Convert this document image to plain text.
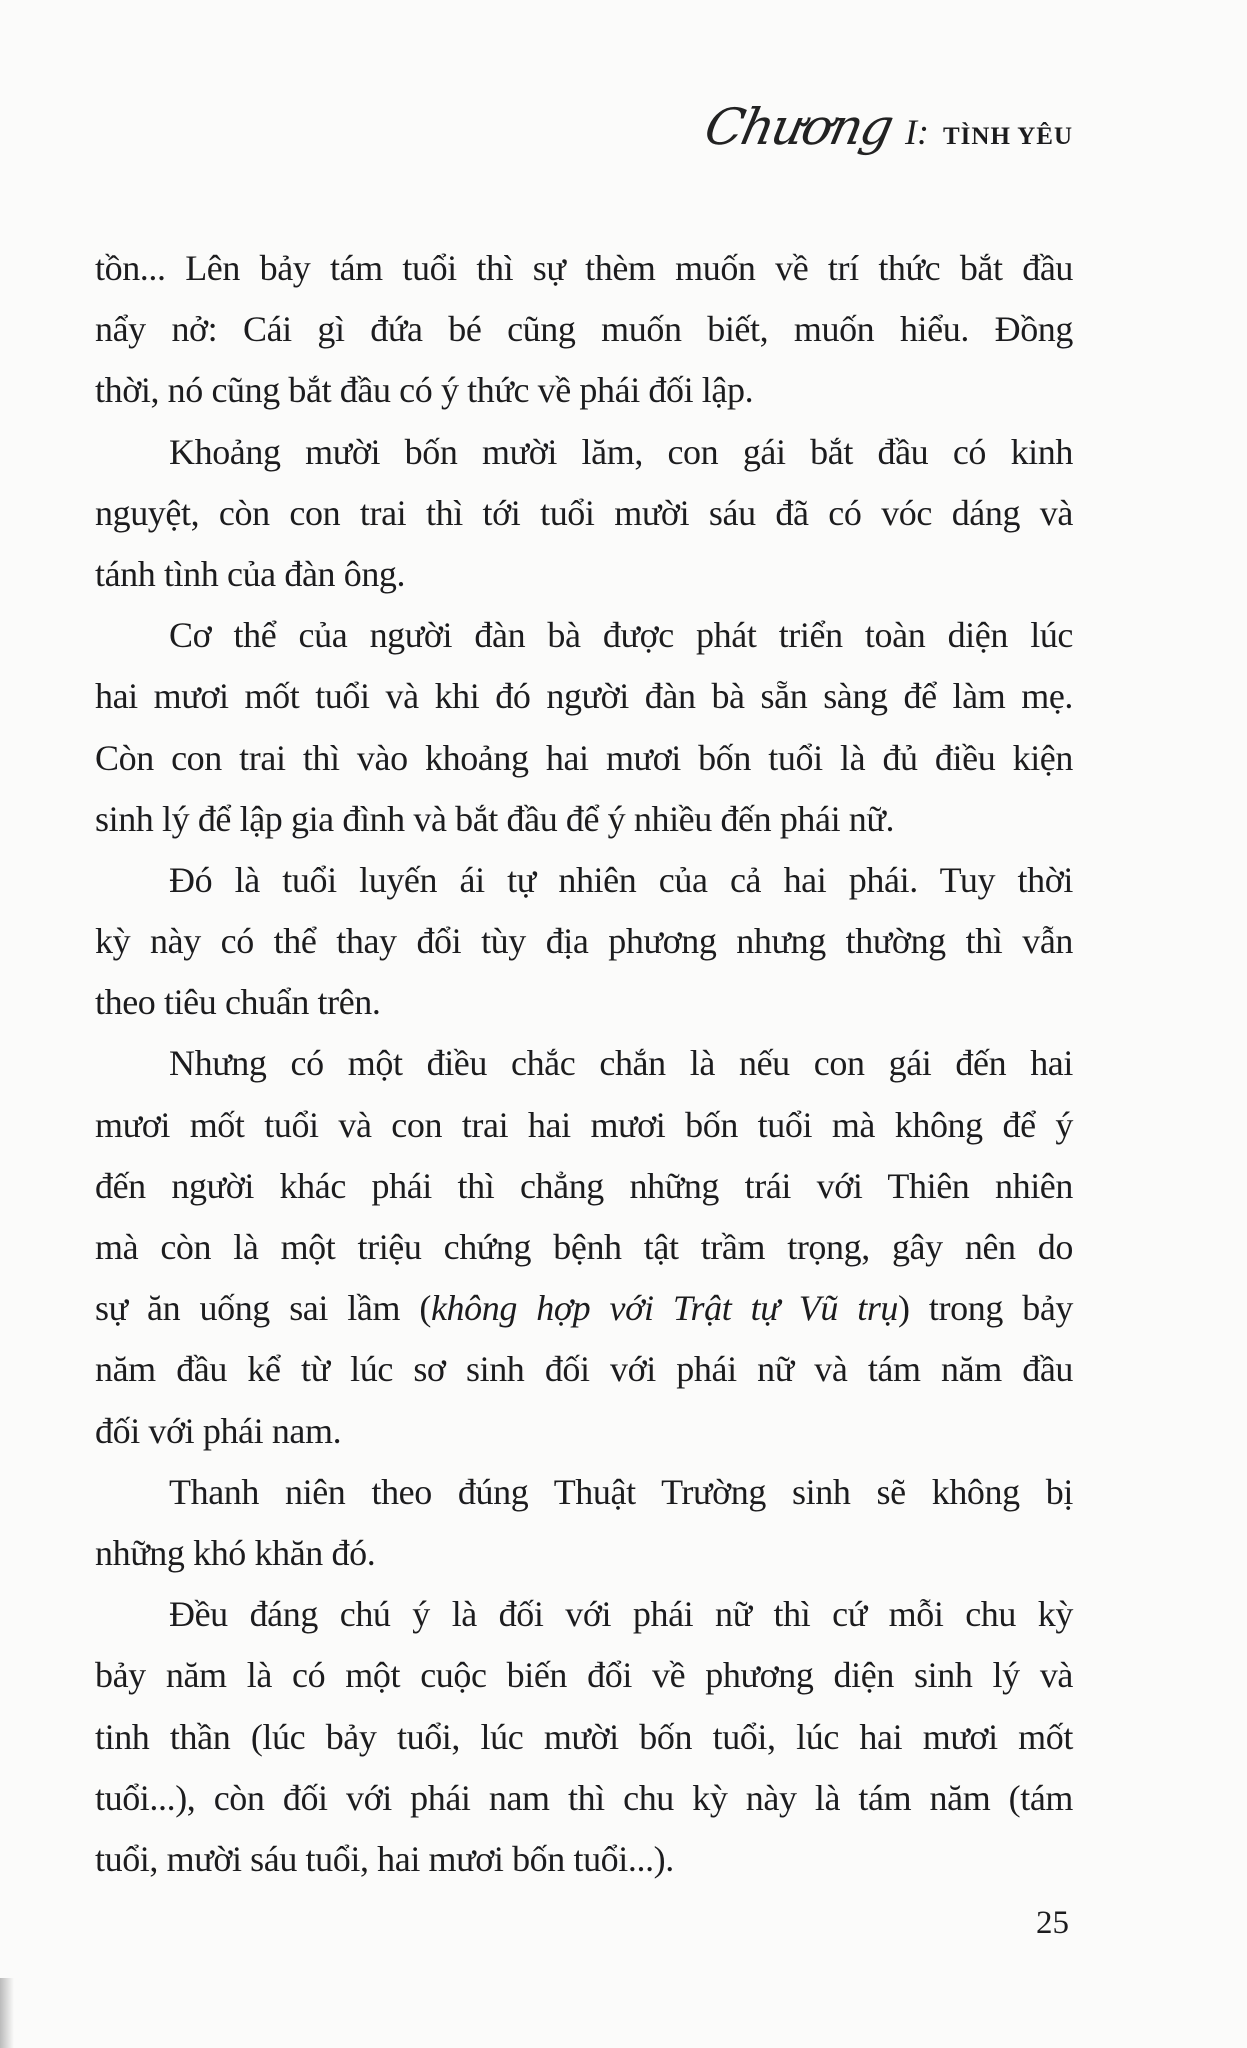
Chương I: TÌNH YÊU
tồn... Lên bảy tám tuổi thì sự thèm muốn về trí thức bắt đầu
nẩy nở: Cái gì đứa bé cũng muốn biết, muốn hiểu. Đồng
thời, nó cũng bắt đầu có ý thức về phái đối lập.
Khoảng mười bốn mười lăm, con gái bắt đầu có kinh
nguyệt, còn con trai thì tới tuổi mười sáu đã có vóc dáng và
tánh tình của đàn ông.
Cơ thể của người đàn bà được phát triển toàn diện lúc
hai mươi mốt tuổi và khi đó người đàn bà sẵn sàng để làm mẹ.
Còn con trai thì vào khoảng hai mươi bốn tuổi là đủ điều kiện
sinh lý để lập gia đình và bắt đầu để ý nhiều đến phái nữ.
Đó là tuổi luyến ái tự nhiên của cả hai phái. Tuy thời
kỳ này có thể thay đổi tùy địa phương nhưng thường thì vẫn
theo tiêu chuẩn trên.
Nhưng có một điều chắc chắn là nếu con gái đến hai
mươi mốt tuổi và con trai hai mươi bốn tuổi mà không để ý
đến người khác phái thì chẳng những trái với Thiên nhiên
mà còn là một triệu chứng bệnh tật trầm trọng, gây nên do
sự ăn uống sai lầm (không hợp với Trật tự Vũ trụ) trong bảy
năm đầu kể từ lúc sơ sinh đối với phái nữ và tám năm đầu
đối với phái nam.
Thanh niên theo đúng Thuật Trường sinh sẽ không bị
những khó khăn đó.
Đều đáng chú ý là đối với phái nữ thì cứ mỗi chu kỳ
bảy năm là có một cuộc biến đổi về phương diện sinh lý và
tinh thần (lúc bảy tuổi, lúc mười bốn tuổi, lúc hai mươi mốt
tuổi...), còn đối với phái nam thì chu kỳ này là tám năm (tám
tuổi, mười sáu tuổi, hai mươi bốn tuổi...).
25
